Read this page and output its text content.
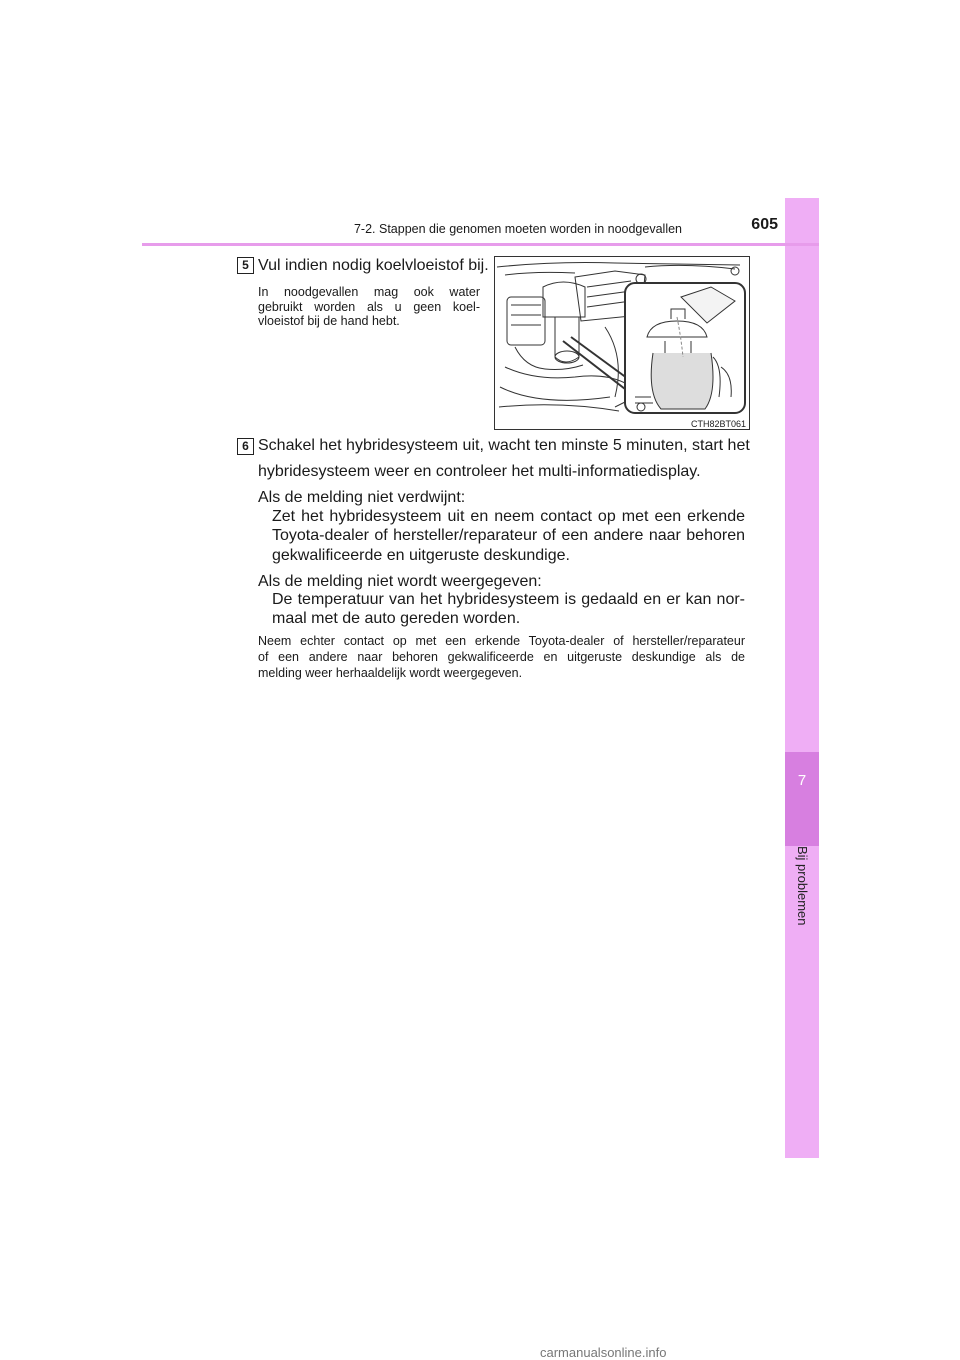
7
Bij problemen
7-2. Stappen die genomen moeten worden in noodgevallen	605
5 Vul indien nodig koelvloeistof bij.
In noodgevallen mag ook water
gebruikt worden als u geen koel-
vloeistof bij de hand hebt.
CTH82BT061
6 Schakel het hybridesysteem uit, wacht ten minste 5 minuten, start het
hybridesysteem weer en controleer het multi-informatiedisplay.
Als de melding niet verdwijnt:
Zet het hybridesysteem uit en neem contact op met een erkende
Toyota-dealer of hersteller/reparateur of een andere naar behoren
gekwalificeerde en uitgeruste deskundige.
Als de melding niet wordt weergegeven:
De temperatuur van het hybridesysteem is gedaald en er kan nor-
maal met de auto gereden worden.
Neem echter contact op met een erkende Toyota-dealer of hersteller/reparateur
of een andere naar behoren gekwalificeerde en uitgeruste deskundige als de
melding weer herhaaldelijk wordt weergegeven.
carmanualsonline.info
